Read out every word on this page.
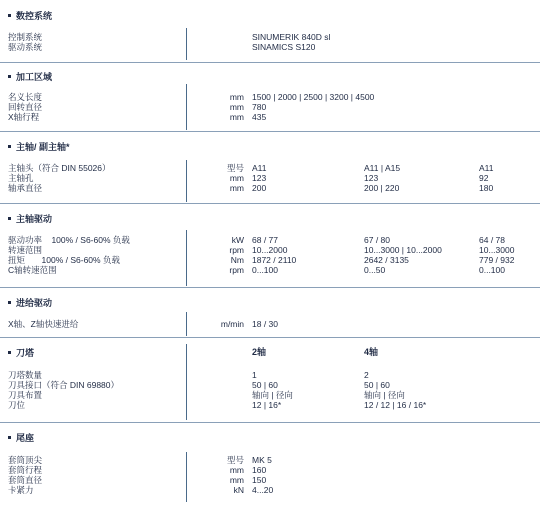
数控系统
控制系统	SINUMERIK 840D sl
驱动系统	SINAMICS S120
加工区域
名义长度	mm 1500 | 2000 | 2500 | 3200 | 4500
回转直径	mm 780
X轴行程	mm 435
主轴/ 副主轴*
主轴头（符合 DIN 55026）	型号 A11	A11 | A15	A11
主轴孔	mm 123	123	92
轴承直径	mm 200	200 | 220	180
主轴驱动
驱动功率    100% / S6-60% 负载	kW 68 / 77	67 / 80	64 / 78
转速范围	rpm 10...2000	10...3000 | 10...2000	10...3000
扭矩       100% / S6-60% 负载	Nm 1872 / 2110	2642 / 3135	779 / 932
C轴转速范围	rpm 0...100	0...50	0...100
进给驱动
X轴、Z轴快速进给	m/min 18 / 30
刀塔	2轴	4轴
刀塔数量	1	2
刀具接口（符合 DIN 69880）	50 | 60	50 | 60
刀具布置	轴向 | 径向	轴向 | 径向
刀位	12 | 16*	12 / 12 | 16 / 16*
尾座
套筒顶尖	型号 MK 5
套筒行程	mm 160
套筒直径	mm 150
卡紧力	kN 4...20
